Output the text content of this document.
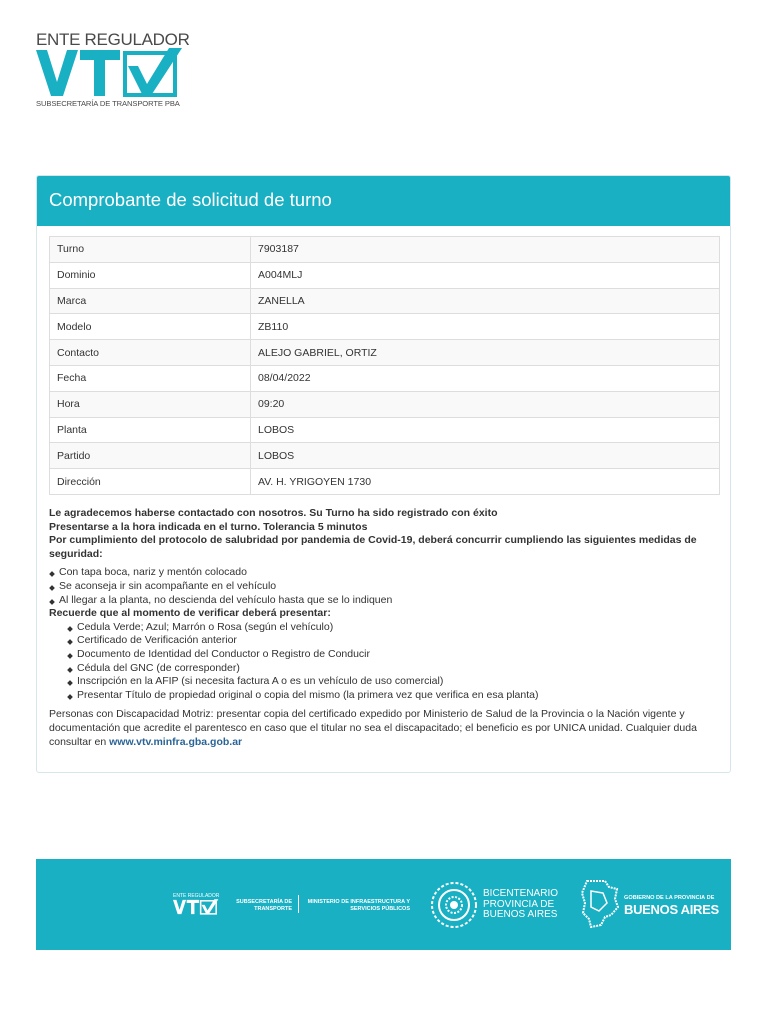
ENTE REGULADOR
SUBSECRETARÍA DE TRANSPORTE PBA
Comprobante de solicitud de turno
Turno	7903187
Dominio	A004MLJ
Marca	ZANELLA
Modelo	ZB110
Contacto	ALEJO GABRIEL, ORTIZ
Fecha	08/04/2022
Hora	09:20
Planta	LOBOS
Partido	LOBOS
Dirección	AV. H. YRIGOYEN 1730

Le agradecemos haberse contactado con nosotros. Su Turno ha sido registrado con éxito

Presentarse a la hora indicada en el turno. Tolerancia 5 minutos

Por cumplimiento del protocolo de salubridad por pandemia de Covid-19, deberá concurrir cumpliendo las siguientes medidas de seguridad:

Con tapa boca, nariz y mentón colocado
Se aconseja ir sin acompañante en el vehículo
Al llegar a la planta, no descienda del vehículo hasta que se lo indiquen

Recuerde que al momento de verificar deberá presentar:

Cedula Verde; Azul; Marrón o Rosa (según el vehículo)
Certificado de Verificación anterior
Documento de Identidad del Conductor o Registro de Conducir
Cédula del GNC (de corresponder)
Inscripción en la AFIP (si necesita factura A o es un vehículo de uso comercial)
Presentar Título de propiedad original o copia del mismo (la primera vez que verifica en esa planta)

Personas con Discapacidad Motriz: presentar copia del certificado expedido por Ministerio de Salud de la Provincia o la Nación vigente y documentación que acredite el parentesco en caso que el titular no sea el discapacitado; el beneficio es por UNICA unidad. Cualquier duda consultar en www.vtv.minfra.gba.gob.ar

ENTE REGULADOR
SUBSECRETARÍA DE TRANSPORTE
MINISTERIO DE INFRAESTRUCTURA Y SERVICIOS PÚBLICOS
BICENTENARIO
PROVINCIA DE
BUENOS AIRES
GOBIERNO DE LA PROVINCIA DE
BUENOS AIRES
